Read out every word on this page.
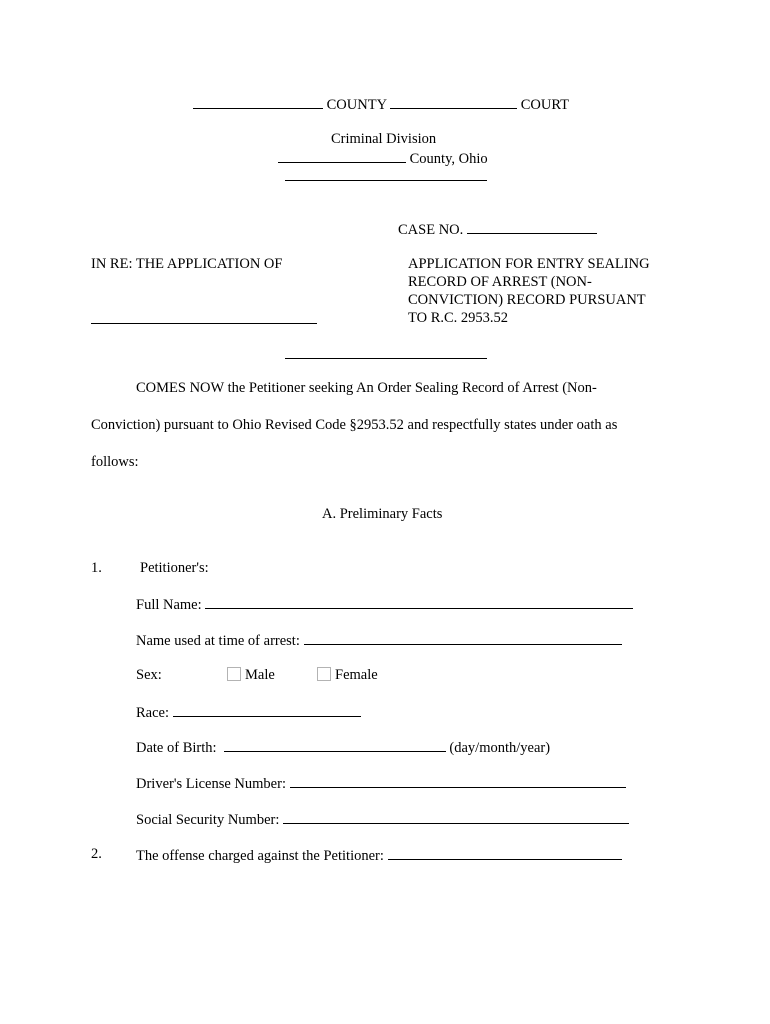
COUNTY	COURT
Criminal Division
County, Ohio
CASE NO.
IN RE: THE APPLICATION OF	APPLICATION FOR ENTRY SEALING
RECORD OF ARREST (NON-
CONVICTION) RECORD PURSUANT
TO R.C. 2953.52
COMES NOW the Petitioner seeking An Order Sealing Record of Arrest (Non-
Conviction) pursuant to Ohio Revised Code §2953.52 and respectfully states under oath as
follows:
A. Preliminary Facts
1.	Petitioner's:
Full Name:
Name used at time of arrest:
Sex:	Male	Female
Race:
Date of Birth:	(day/month/year)
Driver's License Number:
Social Security Number:
2. The offense charged against the Petitioner:
